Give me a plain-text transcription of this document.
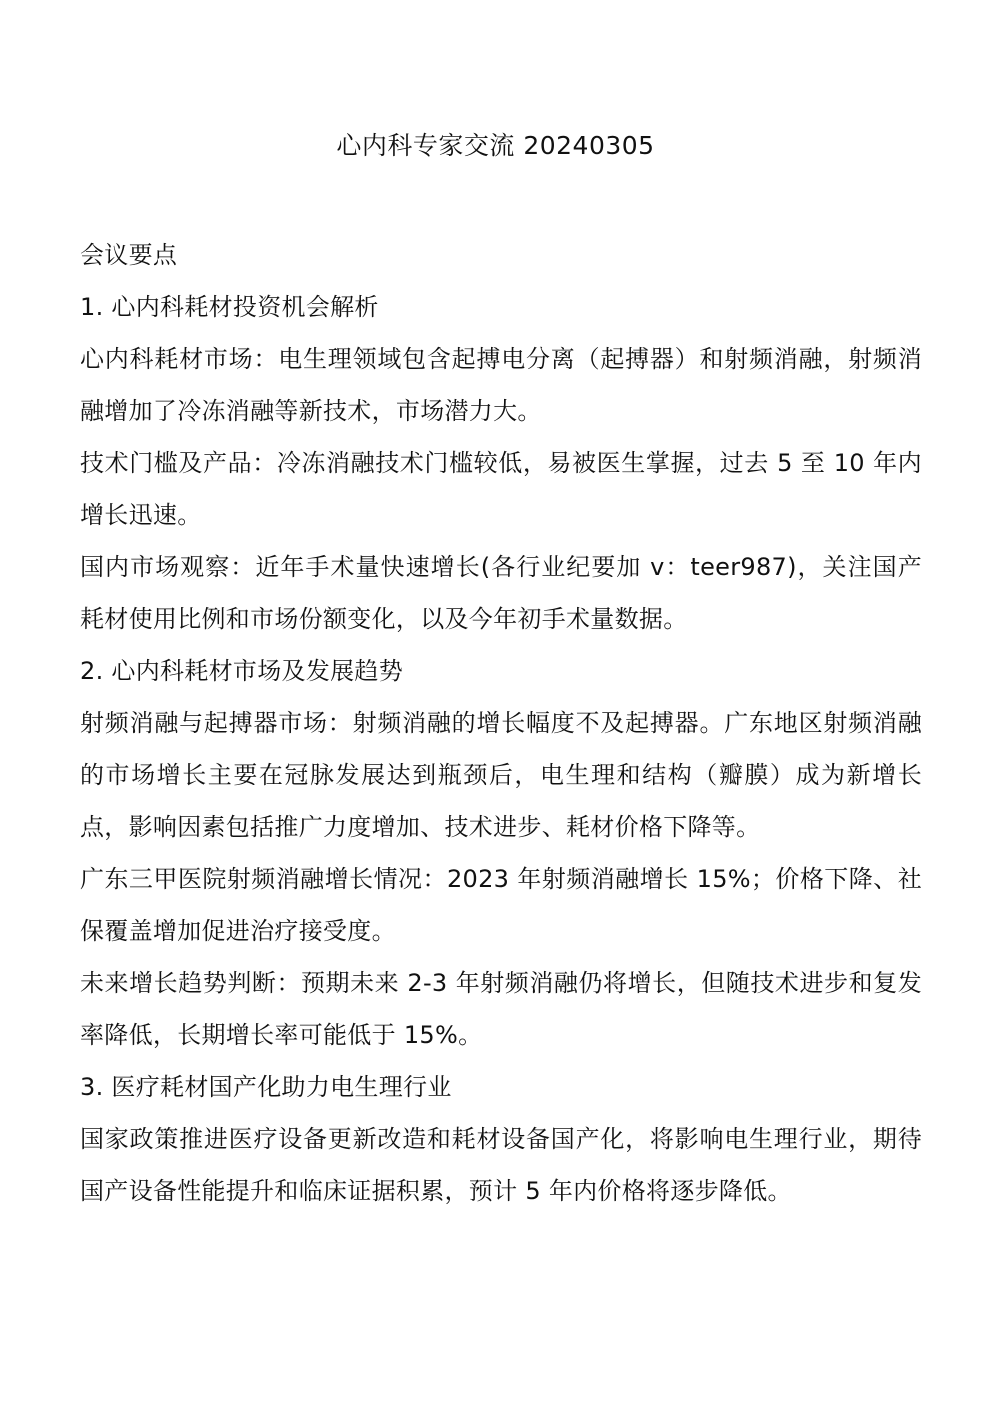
心内科专家交流 20240305

会议要点

1. 心内科耗材投资机会解析

心内科耗材市场：电生理领域包含起搏电分离（起搏器）和射频消融，射频消融增加了冷冻消融等新技术，市场潜力大。

技术门槛及产品：冷冻消融技术门槛较低，易被医生掌握，过去 5 至 10 年内增长迅速。

国内市场观察：近年手术量快速增长(各行业纪要加 v：teer987)，关注国产耗材使用比例和市场份额变化，以及今年初手术量数据。

2. 心内科耗材市场及发展趋势

射频消融与起搏器市场：射频消融的增长幅度不及起搏器。广东地区射频消融的市场增长主要在冠脉发展达到瓶颈后，电生理和结构（瓣膜）成为新增长点，影响因素包括推广力度增加、技术进步、耗材价格下降等。

广东三甲医院射频消融增长情况：2023 年射频消融增长 15%；价格下降、社保覆盖增加促进治疗接受度。

未来增长趋势判断：预期未来 2-3 年射频消融仍将增长，但随技术进步和复发率降低，长期增长率可能低于 15%。

3. 医疗耗材国产化助力电生理行业

国家政策推进医疗设备更新改造和耗材设备国产化，将影响电生理行业，期待国产设备性能提升和临床证据积累，预计 5 年内价格将逐步降低。
